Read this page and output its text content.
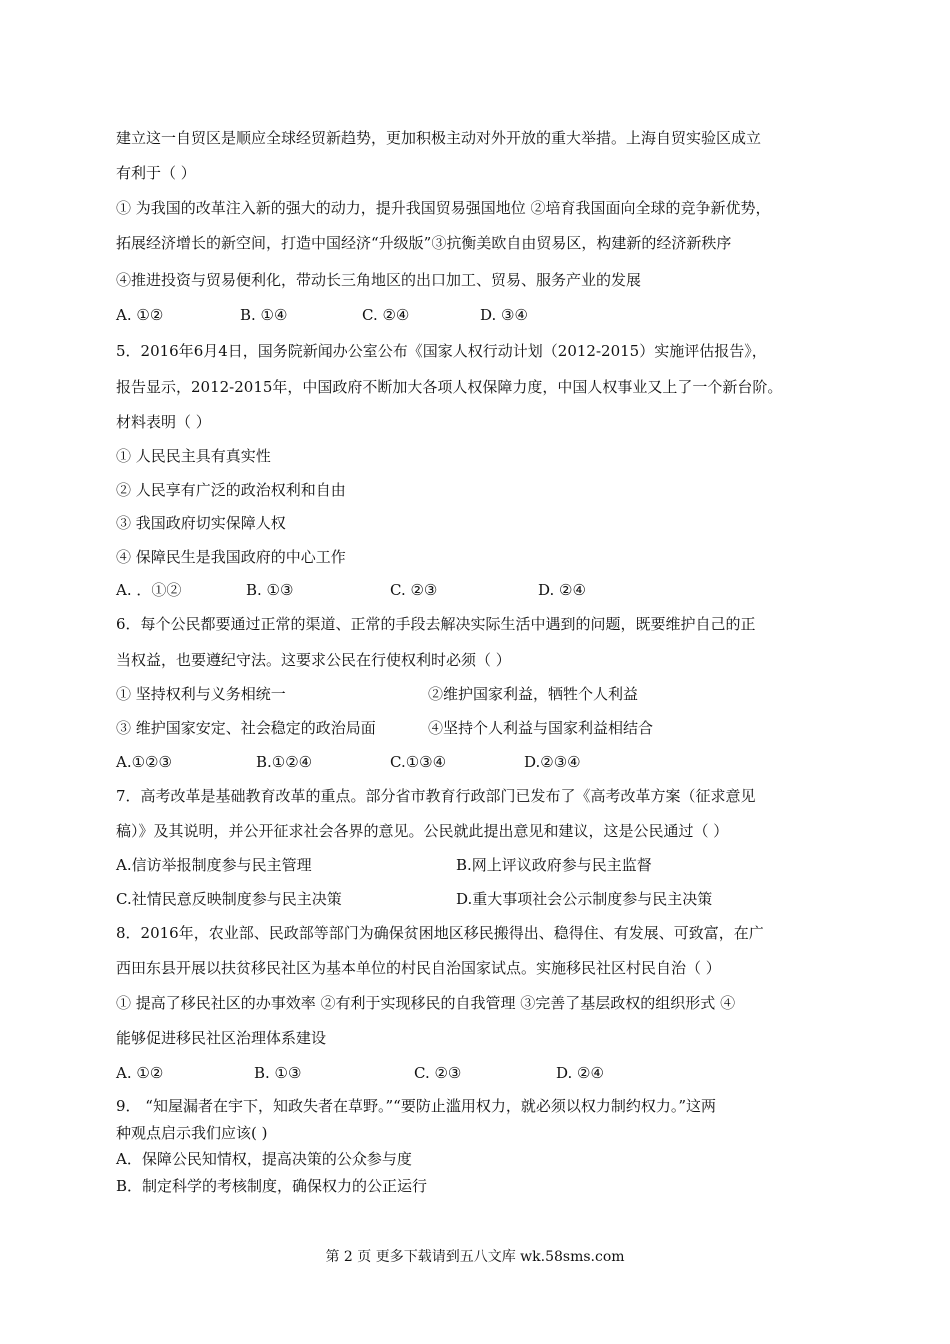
建立这一自贸区是顺应全球经贸新趋势，更加积极主动对外开放的重大举措。上海自贸实验区成立
有利于（ ）
① 为我国的改革注入新的强大的动力，提升我国贸易强国地位 ②培育我国面向全球的竞争新优势，
拓展经济增长的新空间，打造中国经济“升级版”③抗衡美欧自由贸易区，构建新的经济新秩序
④推进投资与贸易便利化，带动长三角地区的出口加工、贸易、服务产业的发展
A. ①②	B. ①④	C. ②④	D. ③④
5．2016年6月4日，国务院新闻办公室公布《国家人权行动计划（2012-2015）实施评估报告》，
报告显示，2012-2015年，中国政府不断加大各项人权保障力度，中国人权事业又上了一个新台阶。
材料表明（ ）
① 人民民主具有真实性
② 人民享有广泛的政治权利和自由
③ 我国政府切实保障人权
④ 保障民生是我国政府的中心工作
A. ．①②	B. ①③	C. ②③	D. ②④
6．每个公民都要通过正常的渠道、正常的手段去解决实际生活中遇到的问题，既要维护自己的正
当权益，也要遵纪守法。这要求公民在行使权利时必须（ ）
① 坚持权利与义务相统一	②维护国家利益，牺牲个人利益
③ 维护国家安定、社会稳定的政治局面	④坚持个人利益与国家利益相结合
A.①②③	B.①②④	C.①③④	D.②③④
7．高考改革是基础教育改革的重点。部分省市教育行政部门已发布了《高考改革方案（征求意见
稿）》及其说明，并公开征求社会各界的意见。公民就此提出意见和建议，这是公民通过（ ）
A.信访举报制度参与民主管理	B.网上评议政府参与民主监督
C.社情民意反映制度参与民主决策	D.重大事项社会公示制度参与民主决策
8．2016年，农业部、民政部等部门为确保贫困地区移民搬得出、稳得住、有发展、可致富，在广
西田东县开展以扶贫移民社区为基本单位的村民自治国家试点。实施移民社区村民自治（ ）
① 提高了移民社区的办事效率 ②有利于实现移民的自我管理 ③完善了基层政权的组织形式 ④
能够促进移民社区治理体系建设
A. ①②	B. ①③	C. ②③	D. ②④
9． “知屋漏者在宇下，知政失者在草野。”“要防止滥用权力，就必须以权力制约权力。”这两
种观点启示我们应该( )
A．保障公民知情权，提高决策的公众参与度
B．制定科学的考核制度，确保权力的公正运行
第 2 页 更多下载请到五八文库 wk.58sms.com
